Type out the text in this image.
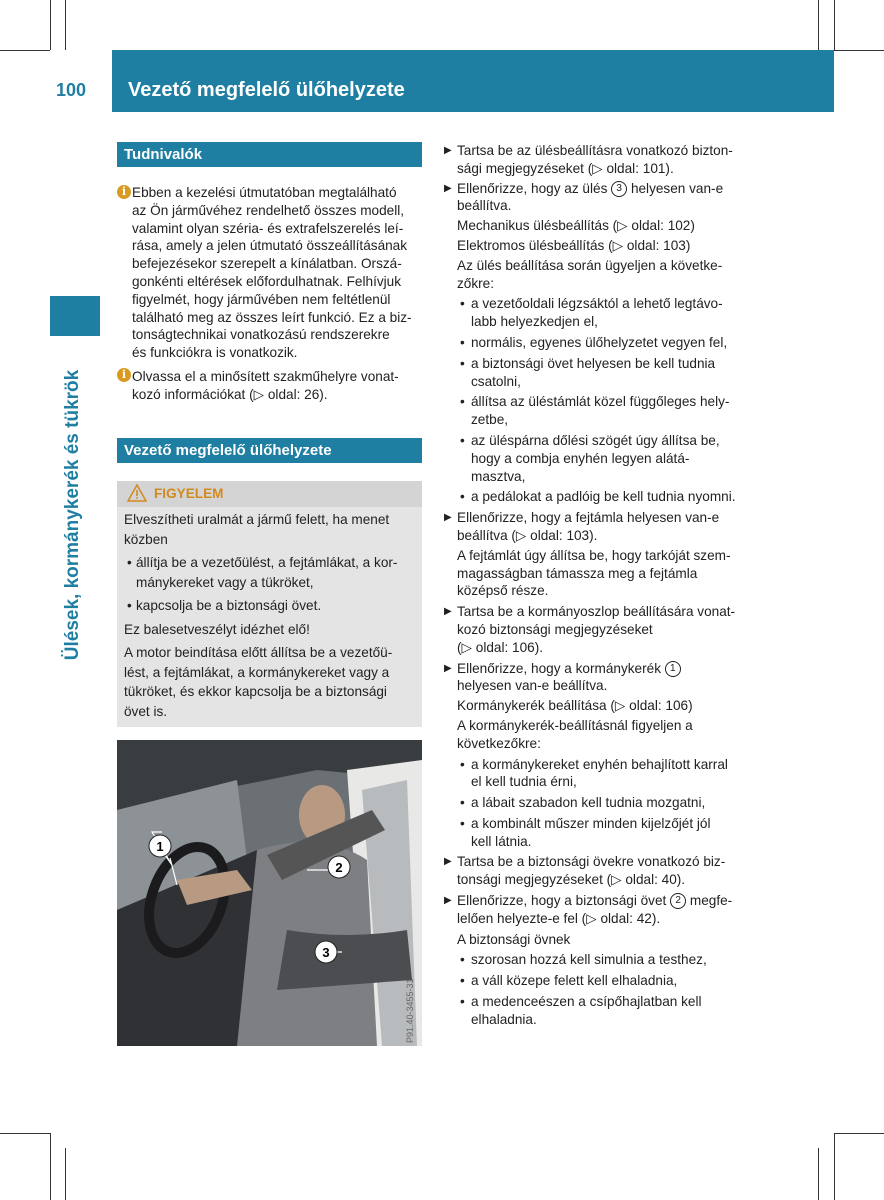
100	Vezető megfelelő ülőhelyzete
Ülések, kormánykerék és tükrök
Tudnivalók
i Ebben a kezelési útmutatóban megtalálható
az Ön járművéhez rendelhető összes modell,
valamint olyan széria- és extrafelszerelés leí-
rása, amely a jelen útmutató összeállításának
befejezésekor szerepelt a kínálatban. Orszá-
gonkénti eltérések előfordulhatnak. Felhívjuk
figyelmét, hogy járművében nem feltétlenül
található meg az összes leírt funkció. Ez a biz-
tonságtechnikai vonatkozású rendszerekre
és funkciókra is vonatkozik.
i Olvassa el a minősített szakműhelyre vonat-
kozó információkat (▷ oldal: 26).
Vezető megfelelő ülőhelyzete
FIGYELEM
Elveszítheti uralmát a jármű felett, ha menet
közben
• állítja be a vezetőülést, a fejtámlákat, a kor-
mánykereket vagy a tükröket,
• kapcsolja be a biztonsági övet.
Ez balesetveszélyt idézhet elő!
A motor beindítása előtt állítsa be a vezetőü-
lést, a fejtámlákat, a kormánykereket vagy a
tükröket, és ekkor kapcsolja be a biztonsági
övet is.
1
2
3
P91.40-3455-31
▶ Tartsa be az ülésbeállításra vonatkozó bizton-
sági megjegyzéseket (▷ oldal: 101).
▶ Ellenőrizze, hogy az ülés 3 helyesen van-e
beállítva.
Mechanikus ülésbeállítás (▷ oldal: 102)
Elektromos ülésbeállítás (▷ oldal: 103)
Az ülés beállítása során ügyeljen a követke-
zőkre:
• a vezetőoldali légzsáktól a lehető legtávo-
labb helyezkedjen el,
• normális, egyenes ülőhelyzetet vegyen fel,
• a biztonsági övet helyesen be kell tudnia
csatolni,
• állítsa az üléstámlát közel függőleges hely-
zetbe,
• az üléspárna dőlési szögét úgy állítsa be,
hogy a combja enyhén legyen alátá-
masztva,
• a pedálokat a padlóig be kell tudnia nyomni.
▶ Ellenőrizze, hogy a fejtámla helyesen van-e
beállítva (▷ oldal: 103).
A fejtámlát úgy állítsa be, hogy tarkóját szem-
magasságban támassza meg a fejtámla
középső része.
▶ Tartsa be a kormányoszlop beállítására vonat-
kozó biztonsági megjegyzéseket
(▷ oldal: 106).
▶ Ellenőrizze, hogy a kormánykerék 1
helyesen van-e beállítva.
Kormánykerék beállítása (▷ oldal: 106)
A kormánykerék-beállításnál figyeljen a
következőkre:
• a kormánykereket enyhén behajlított karral
el kell tudnia érni,
• a lábait szabadon kell tudnia mozgatni,
• a kombinált műszer minden kijelzőjét jól
kell látnia.
▶ Tartsa be a biztonsági övekre vonatkozó biz-
tonsági megjegyzéseket (▷ oldal: 40).
▶ Ellenőrizze, hogy a biztonsági övet 2 megfe-
lelően helyezte-e fel (▷ oldal: 42).
A biztonsági övnek
• szorosan hozzá kell simulnia a testhez,
• a váll közepe felett kell elhaladnia,
• a medenceészen a csípőhajlatban kell
elhaladnia.
